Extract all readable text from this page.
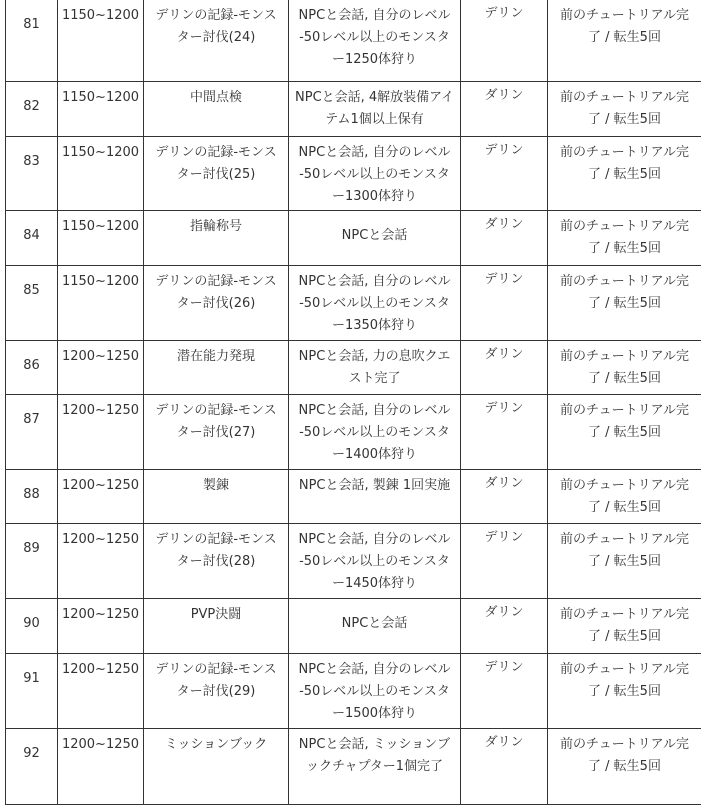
81	1150~1200	デリンの記録-モンスター討伐(24)	NPCと会話, 自分のレベル -50レベル以上のモンスター1250体狩り	デリン	前のチュートリアル完了 / 転生5回
82	1150~1200	中間点検	NPCと会話, 4解放装備アイテム1個以上保有	ダリン	前のチュートリアル完了 / 転生5回
83	1150~1200	デリンの記録-モンスター討伐(25)	NPCと会話, 自分のレベル -50レベル以上のモンスター1300体狩り	デリン	前のチュートリアル完了 / 転生5回
84	1150~1200	指輪称号	NPCと会話	ダリン	前のチュートリアル完了 / 転生5回
85	1150~1200	デリンの記録-モンスター討伐(26)	NPCと会話, 自分のレベル -50レベル以上のモンスター1350体狩り	デリン	前のチュートリアル完了 / 転生5回
86	1200~1250	潜在能力発現	NPCと会話, 力の息吹クエスト完了	ダリン	前のチュートリアル完了 / 転生5回
87	1200~1250	デリンの記録-モンスター討伐(27)	NPCと会話, 自分のレベル -50レベル以上のモンスター1400体狩り	デリン	前のチュートリアル完了 / 転生5回
88	1200~1250	製錬	NPCと会話, 製錬 1回実施	ダリン	前のチュートリアル完了 / 転生5回
89	1200~1250	デリンの記録-モンスター討伐(28)	NPCと会話, 自分のレベル -50レベル以上のモンスター1450体狩り	デリン	前のチュートリアル完了 / 転生5回
90	1200~1250	PVP決闘	NPCと会話	ダリン	前のチュートリアル完了 / 転生5回
91	1200~1250	デリンの記録-モンスター討伐(29)	NPCと会話, 自分のレベル -50レベル以上のモンスター1500体狩り	デリン	前のチュートリアル完了 / 転生5回
92	1200~1250	ミッションブック	NPCと会話, ミッションブックチャプター1個完了	ダリン	前のチュートリアル完了 / 転生5回
